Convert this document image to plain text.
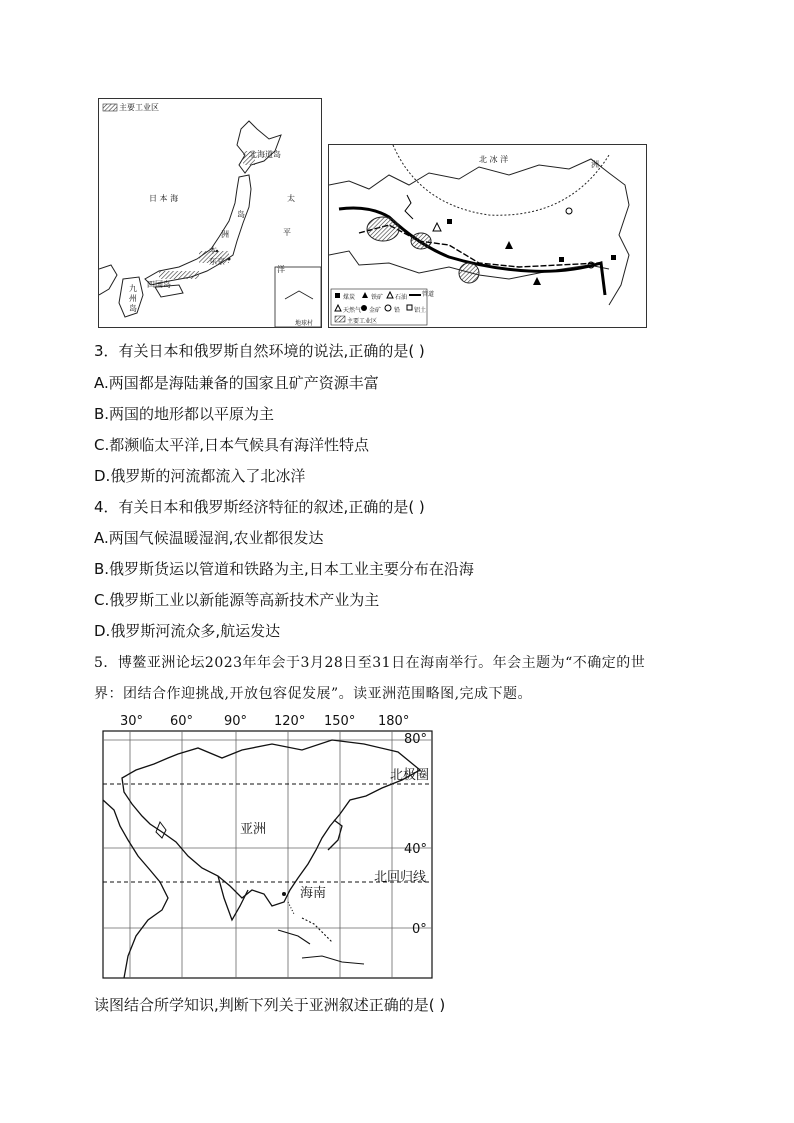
主要工业区
北海道岛
日 本 海	太
平
洋
岛
洲
本
东京
九
州
岛
四国岛
地球村
北 冰 洋
洲
煤炭	铁矿 石油 管道
天然气 金矿 铅 铝土
主要工业区
3．有关日本和俄罗斯自然环境的说法,正确的是( )
A.两国都是海陆兼备的国家且矿产资源丰富
B.两国的地形都以平原为主
C.都濒临太平洋,日本气候具有海洋性特点
D.俄罗斯的河流都流入了北冰洋
4．有关日本和俄罗斯经济特征的叙述,正确的是( )
A.两国气候温暖湿润,农业都很发达
B.俄罗斯货运以管道和铁路为主,日本工业主要分布在沿海
C.俄罗斯工业以新能源等高新技术产业为主
D.俄罗斯河流众多,航运发达
5．博鳌亚洲论坛2023年年会于3月28日至31日在海南举行。年会主题为“不确定的世
界：团结合作迎挑战,开放包容促发展”。读亚洲范围略图,完成下题。
30° 60° 90° 120° 150° 180°
80°
北极圈
亚洲
40°
北回归线
海南
0°
读图结合所学知识,判断下列关于亚洲叙述正确的是( )
